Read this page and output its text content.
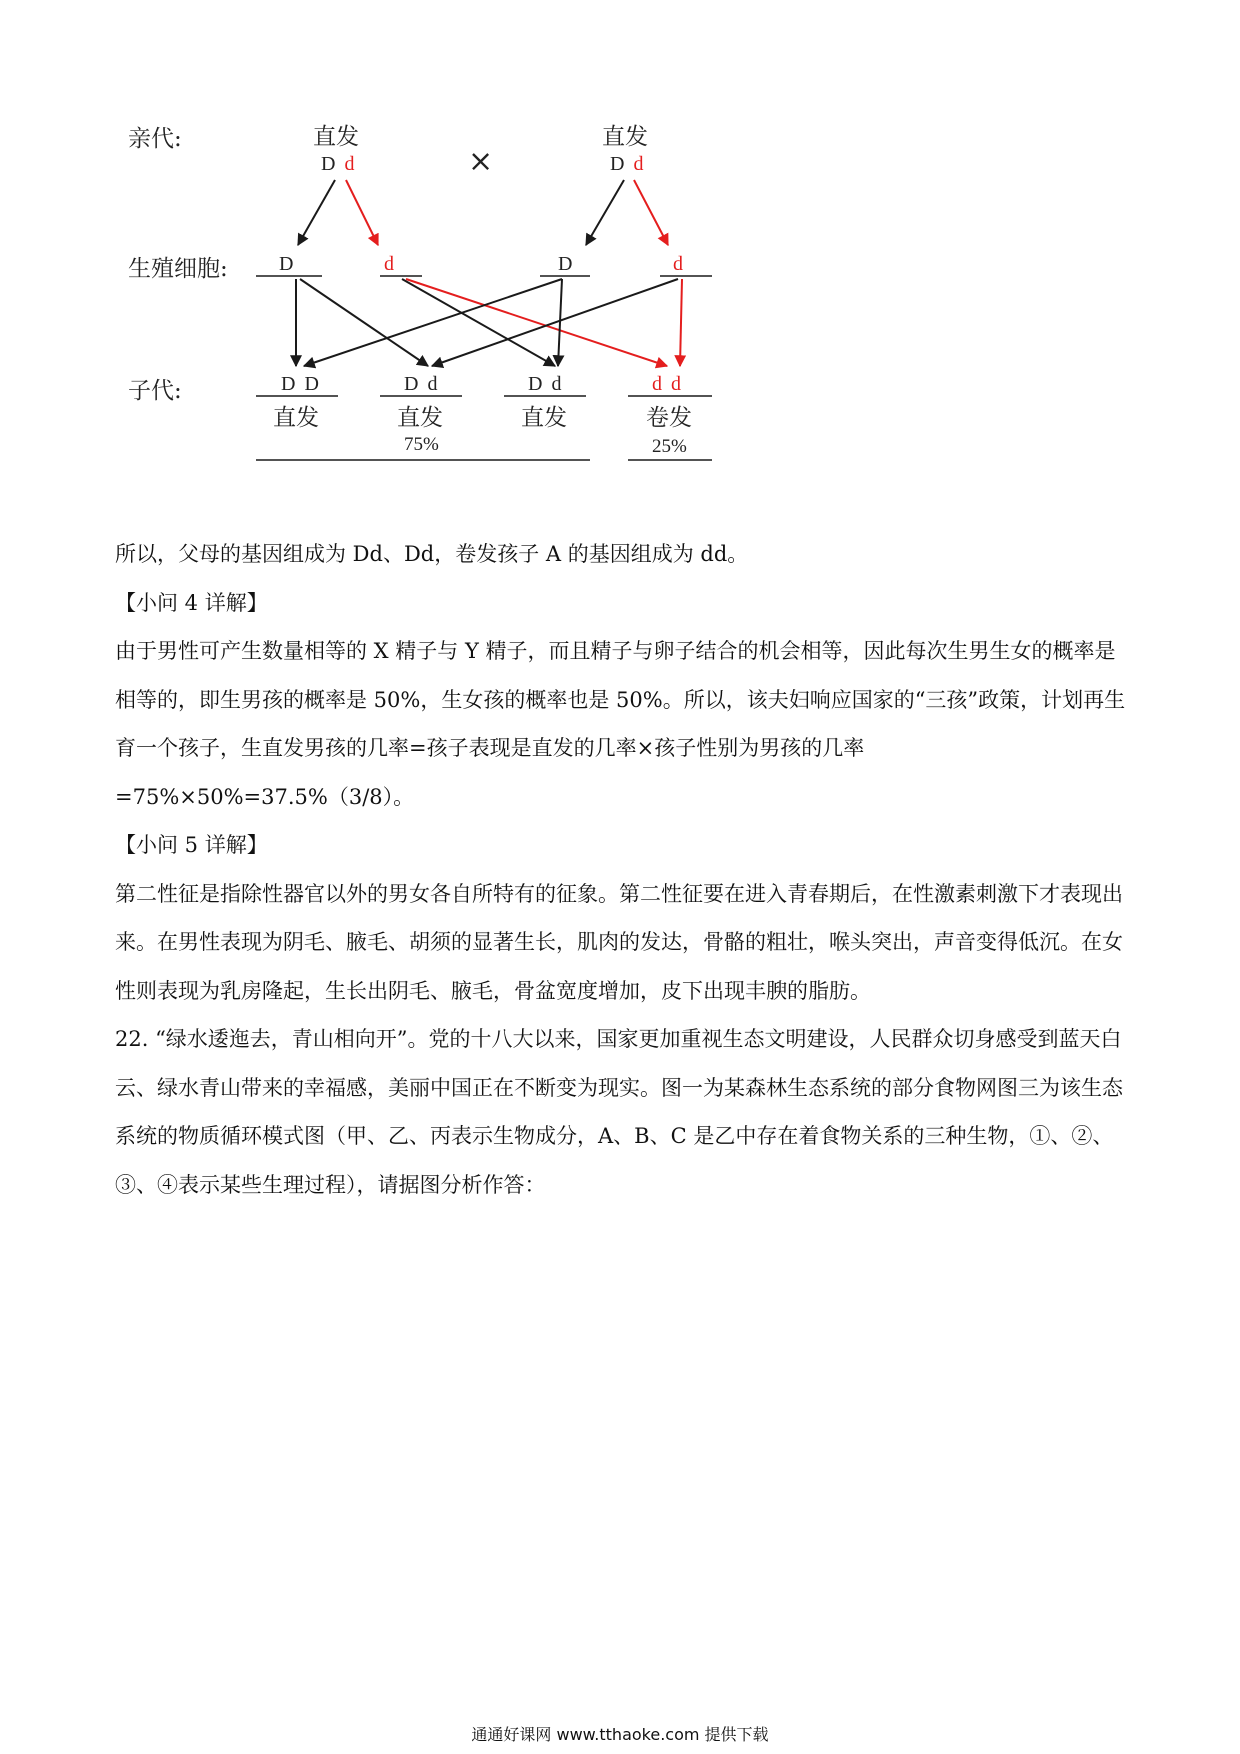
亲代:
生殖细胞:
子代:
直发
D d	×
直发
D d
D	d	D	d
D D	D d	D d	d d
直发	直发	直发	卷发
75%	25%

所以，父母的基因组成为 Dd、Dd，卷发孩子 A 的基因组成为 dd。

【小问 4 详解】

由于男性可产生数量相等的 X 精子与 Y 精子，而且精子与卵子结合的机会相等，因此每次生男生女的概率是相等的，即生男孩的概率是 50%，生女孩的概率也是 50%。所以，该夫妇响应国家的“三孩”政策，计划再生育一个孩子，生直发男孩的几率=孩子表现是直发的几率×孩子性别为男孩的几率=75%×50%=37.5%（3/8）。

【小问 5 详解】

第二性征是指除性器官以外的男女各自所特有的征象。第二性征要在进入青春期后，在性激素刺激下才表现出来。在男性表现为阴毛、腋毛、胡须的显著生长，肌肉的发达，骨骼的粗壮，喉头突出，声音变得低沉。在女性则表现为乳房隆起，生长出阴毛、腋毛，骨盆宽度增加，皮下出现丰腴的脂肪。

22. “绿水逶迤去，青山相向开”。党的十八大以来，国家更加重视生态文明建设，人民群众切身感受到蓝天白云、绿水青山带来的幸福感，美丽中国正在不断变为现实。图一为某森林生态系统的部分食物网图三为该生态系统的物质循环模式图（甲、乙、丙表示生物成分，A、B、C 是乙中存在着食物关系的三种生物，①、②、③、④表示某些生理过程），请据图分析作答：

通通好课网 www.tthaoke.com 提供下载
